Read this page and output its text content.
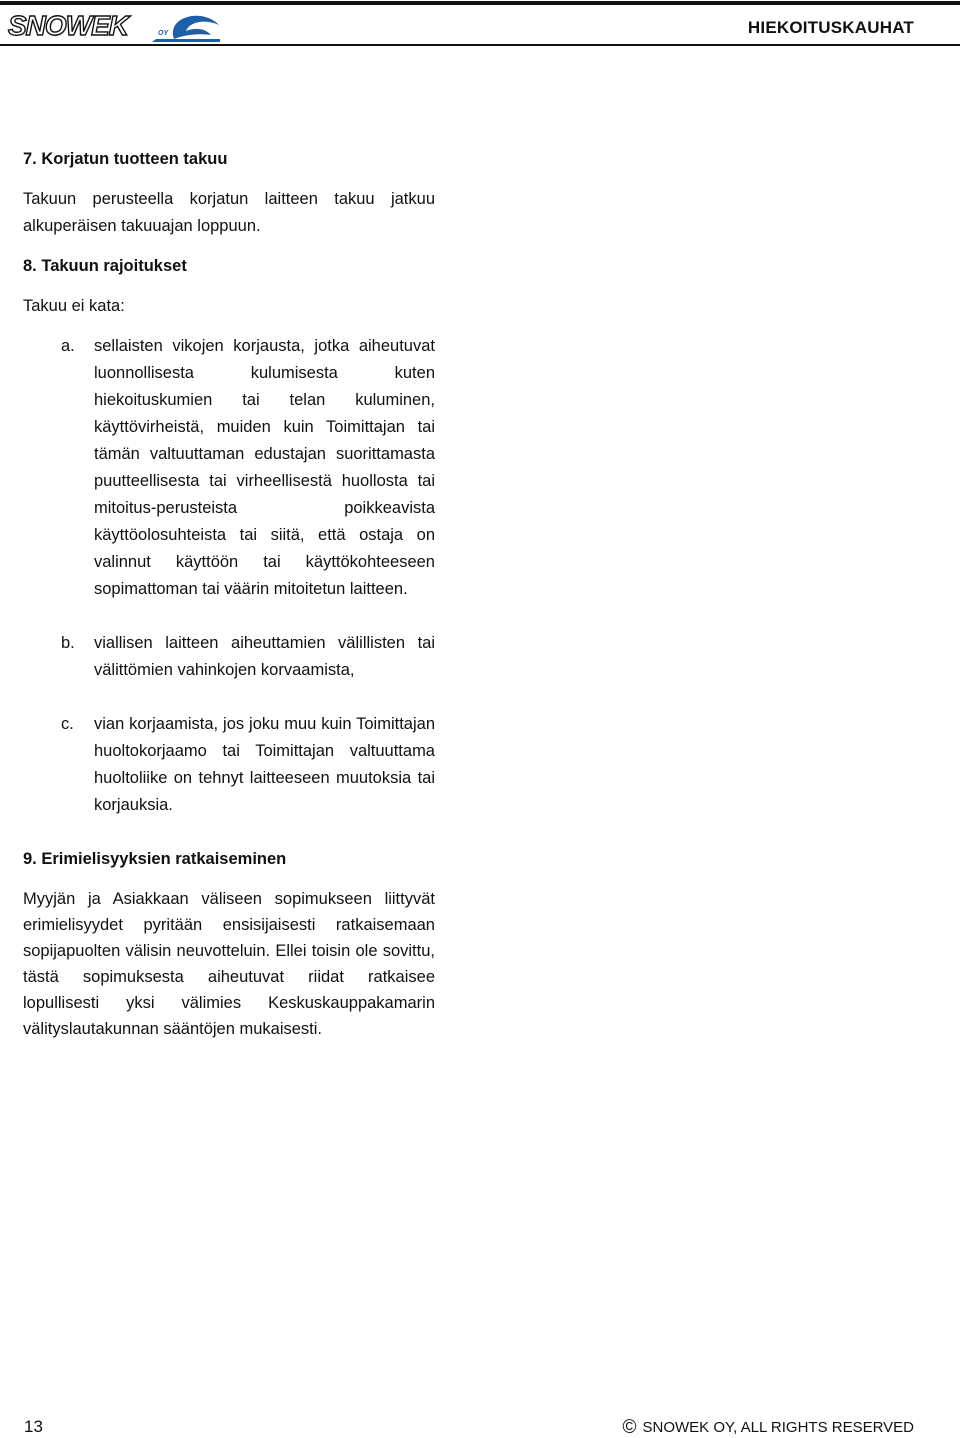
SNOWEK	OY	HIEKOITUSKAUHAT
7. Korjatun tuotteen takuu
Takuun perusteella korjatun laitteen takuu jatkuu alkuperäisen takuuajan loppuun.
8. Takuun rajoitukset
Takuu ei kata:
a. sellaisten vikojen korjausta, jotka aiheutuvat luonnollisesta kulumisesta kuten hiekoituskumien tai telan kuluminen, käyttövirheistä, muiden kuin Toimittajan tai tämän valtuuttaman edustajan suorittamasta puutteellisesta tai virheellisestä huollosta tai mitoitus-perusteista poikkeavista käyttöolosuhteista tai siitä, että ostaja on valinnut käyttöön tai käyttökohteeseen sopimattoman tai väärin mitoitetun laitteen.
b. viallisen laitteen aiheuttamien välillisten tai välittömien vahinkojen korvaamista,
c. vian korjaamista, jos joku muu kuin Toimittajan huoltokorjaamo tai Toimittajan valtuuttama huoltoliike on tehnyt laitteeseen muutoksia tai korjauksia.
9. Erimielisyyksien ratkaiseminen
Myyjän ja Asiakkaan väliseen sopimukseen liittyvät erimielisyydet pyritään ensisijaisesti ratkaisemaan sopijapuolten välisin neuvotteluin. Ellei toisin ole sovittu, tästä sopimuksesta aiheutuvat riidat ratkaisee lopullisesti yksi välimies Keskuskauppakamarin välityslautakunnan sääntöjen mukaisesti.
13	© SNOWEK OY, ALL RIGHTS RESERVED
